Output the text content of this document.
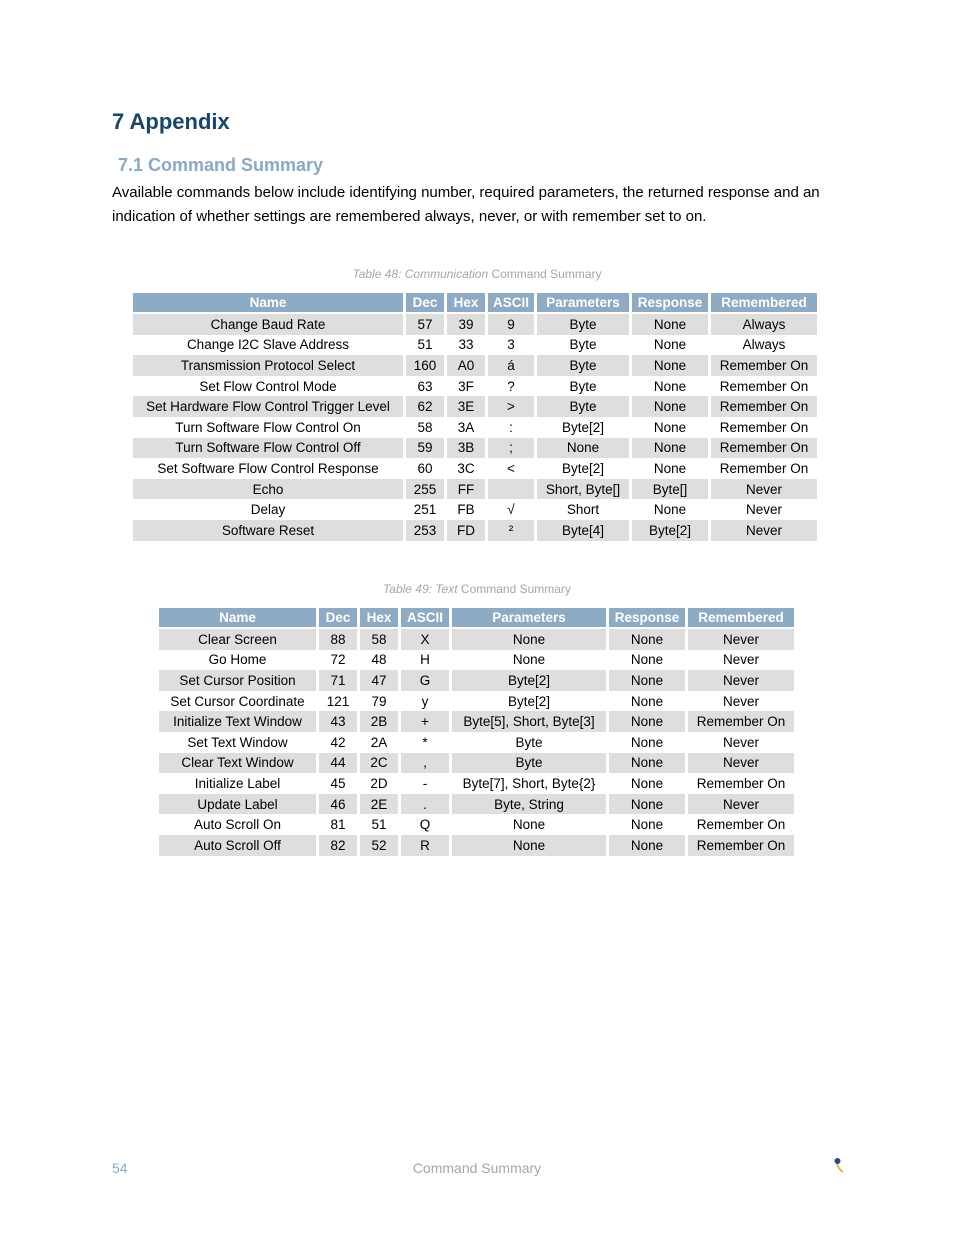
7 Appendix
7.1 Command Summary

Available commands below include identifying number, required parameters, the returned response and an indication of whether settings are remembered always, never, or with remember set to on.

Table 48: Communication Command Summary
Name	Dec	Hex	ASCII	Parameters	Response	Remembered
Change Baud Rate	57	39	9	Byte	None	Always
Change I2C Slave Address	51	33	3	Byte	None	Always
Transmission Protocol Select	160	A0	á	Byte	None	Remember On
Set Flow Control Mode	63	3F	?	Byte	None	Remember On
Set Hardware Flow Control Trigger Level	62	3E	>	Byte	None	Remember On
Turn Software Flow Control On	58	3A	:	Byte[2]	None	Remember On
Turn Software Flow Control Off	59	3B	;	None	None	Remember On
Set Software Flow Control Response	60	3C	<	Byte[2]	None	Remember On
Echo	255	FF		Short, Byte[]	Byte[]	Never
Delay	251	FB	√	Short	None	Never
Software Reset	253	FD	²	Byte[4]	Byte[2]	Never
Table 49: Text Command Summary
Name	Dec	Hex	ASCII	Parameters	Response	Remembered
Clear Screen	88	58	X	None	None	Never
Go Home	72	48	H	None	None	Never
Set Cursor Position	71	47	G	Byte[2]	None	Never
Set Cursor Coordinate	121	79	y	Byte[2]	None	Never
Initialize Text Window	43	2B	+	Byte[5], Short, Byte[3]	None	Remember On
Set Text Window	42	2A	*	Byte	None	Never
Clear Text Window	44	2C	,	Byte	None	Never
Initialize Label	45	2D	-	Byte[7], Short, Byte{2}	None	Remember On
Update Label	46	2E	.	Byte, String	None	Never
Auto Scroll On	81	51	Q	None	None	Remember On
Auto Scroll Off	82	52	R	None	None	Remember On
54	Command Summary
